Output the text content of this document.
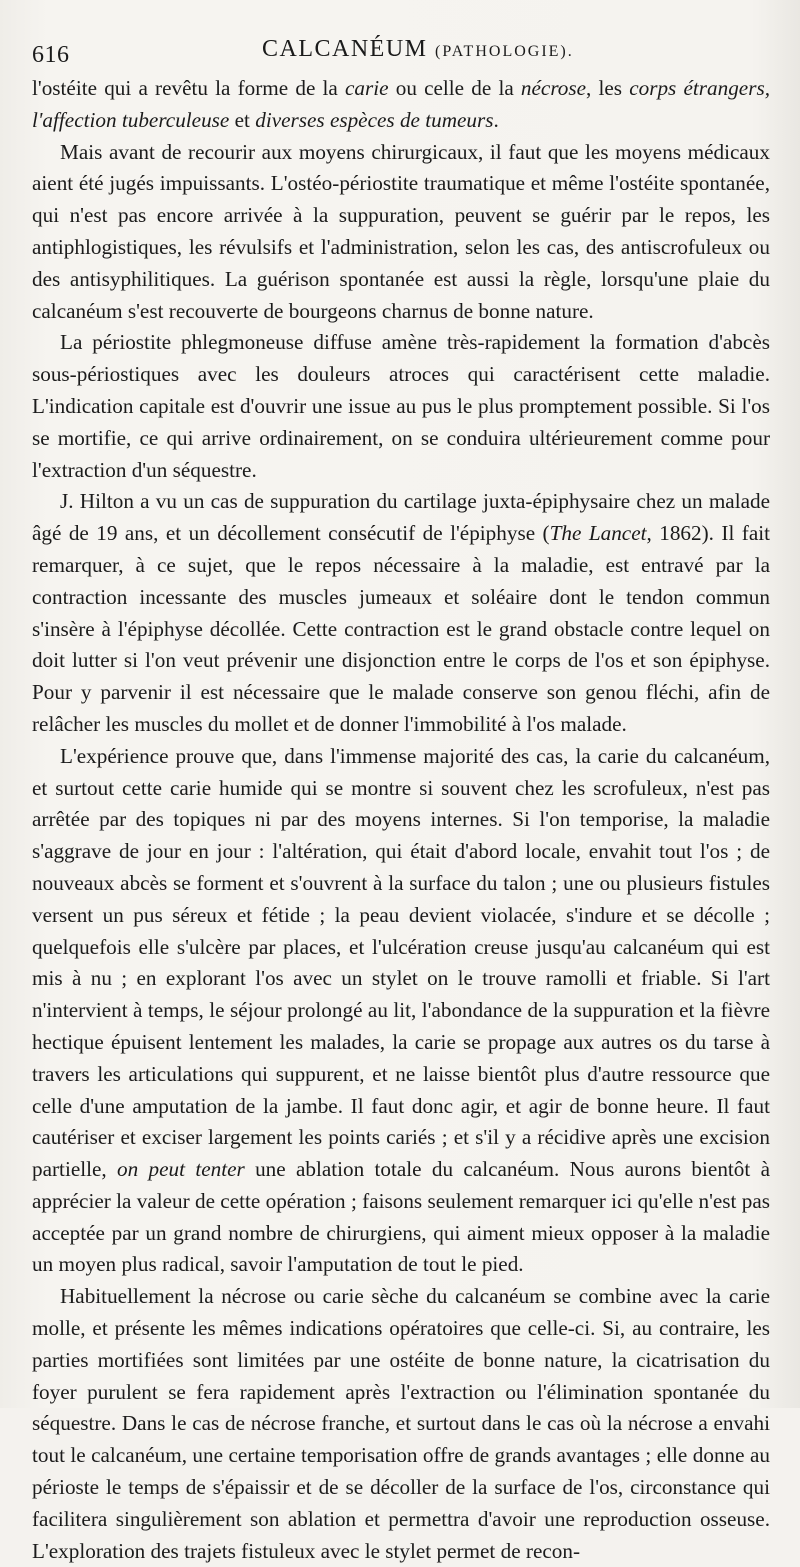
616	CALCANÉUM (PATHOLOGIE).

l'ostéite qui a revêtu la forme de la carie ou celle de la nécrose, les corps étrangers, l'affection tuberculeuse et diverses espèces de tumeurs.

Mais avant de recourir aux moyens chirurgicaux, il faut que les moyens médicaux aient été jugés impuissants. L'ostéo-périostite traumatique et même l'ostéite spontanée, qui n'est pas encore arrivée à la suppuration, peuvent se guérir par le repos, les antiphlogistiques, les révulsifs et l'administration, selon les cas, des antiscrofuleux ou des antisyphilitiques. La guérison spontanée est aussi la règle, lorsqu'une plaie du calcanéum s'est recouverte de bourgeons charnus de bonne nature.

La périostite phlegmoneuse diffuse amène très-rapidement la formation d'abcès sous-périostiques avec les douleurs atroces qui caractérisent cette maladie. L'indication capitale est d'ouvrir une issue au pus le plus promptement possible. Si l'os se mortifie, ce qui arrive ordinairement, on se conduira ultérieurement comme pour l'extraction d'un séquestre.

J. Hilton a vu un cas de suppuration du cartilage juxta-épiphysaire chez un malade âgé de 19 ans, et un décollement consécutif de l'épiphyse (The Lancet, 1862). Il fait remarquer, à ce sujet, que le repos nécessaire à la maladie, est entravé par la contraction incessante des muscles jumeaux et soléaire dont le tendon commun s'insère à l'épiphyse décollée. Cette contraction est le grand obstacle contre lequel on doit lutter si l'on veut prévenir une disjonction entre le corps de l'os et son épiphyse. Pour y parvenir il est nécessaire que le malade conserve son genou fléchi, afin de relâcher les muscles du mollet et de donner l'immobilité à l'os malade.

L'expérience prouve que, dans l'immense majorité des cas, la carie du calcanéum, et surtout cette carie humide qui se montre si souvent chez les scrofuleux, n'est pas arrêtée par des topiques ni par des moyens internes. Si l'on temporise, la maladie s'aggrave de jour en jour : l'altération, qui était d'abord locale, envahit tout l'os ; de nouveaux abcès se forment et s'ouvrent à la surface du talon ; une ou plusieurs fistules versent un pus séreux et fétide ; la peau devient violacée, s'indure et se décolle ; quelquefois elle s'ulcère par places, et l'ulcération creuse jusqu'au calcanéum qui est mis à nu ; en explorant l'os avec un stylet on le trouve ramolli et friable. Si l'art n'intervient à temps, le séjour prolongé au lit, l'abondance de la suppuration et la fièvre hectique épuisent lentement les malades, la carie se propage aux autres os du tarse à travers les articulations qui suppurent, et ne laisse bientôt plus d'autre ressource que celle d'une amputation de la jambe. Il faut donc agir, et agir de bonne heure. Il faut cautériser et exciser largement les points cariés ; et s'il y a récidive après une excision partielle, on peut tenter une ablation totale du calcanéum. Nous aurons bientôt à apprécier la valeur de cette opération ; faisons seulement remarquer ici qu'elle n'est pas acceptée par un grand nombre de chirurgiens, qui aiment mieux opposer à la maladie un moyen plus radical, savoir l'amputation de tout le pied.

Habituellement la nécrose ou carie sèche du calcanéum se combine avec la carie molle, et présente les mêmes indications opératoires que celle-ci. Si, au contraire, les parties mortifiées sont limitées par une ostéite de bonne nature, la cicatrisation du foyer purulent se fera rapidement après l'extraction ou l'élimination spontanée du séquestre. Dans le cas de nécrose franche, et surtout dans le cas où la nécrose a envahi tout le calcanéum, une certaine temporisation offre de grands avantages ; elle donne au périoste le temps de s'épaissir et de se décoller de la surface de l'os, circonstance qui facilitera singulièrement son ablation et permettra d'avoir une reproduction osseuse. L'exploration des trajets fistuleux avec le stylet permet de recon-
